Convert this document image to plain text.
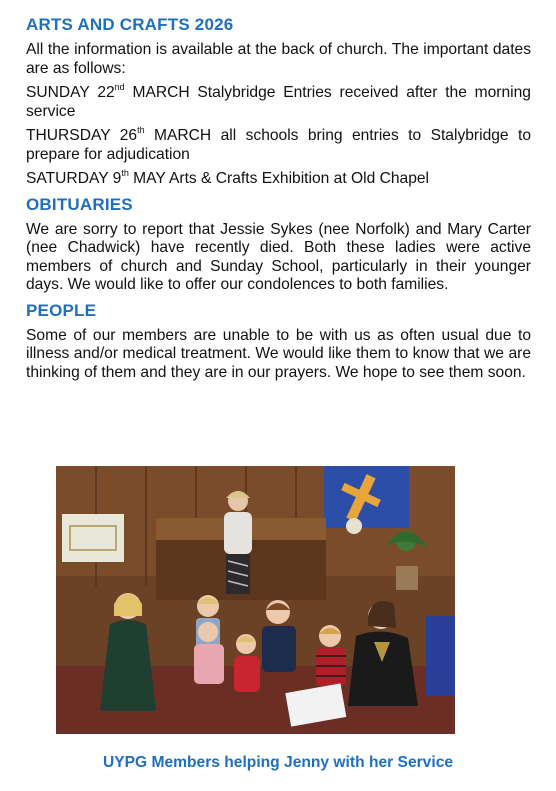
ARTS AND CRAFTS 2026

All the information is available at the back of church. The important dates are as follows:

SUNDAY 22nd MARCH Stalybridge Entries received after the morning service

THURSDAY 26th MARCH all schools bring entries to Stalybridge to prepare for adjudication

SATURDAY 9th MAY Arts & Crafts Exhibition at Old Chapel

OBITUARIES

We are sorry to report that Jessie Sykes (nee Norfolk) and Mary Carter (nee Chadwick) have recently died. Both these ladies were active members of church and Sunday School, particularly in their younger days. We would like to offer our condolences to both families.

PEOPLE

Some of our members are unable to be with us as often usual due to illness and/or medical treatment. We would like them to know that we are thinking of them and they are in our prayers. We hope to see them soon.

UYPG Members helping Jenny with her Service
